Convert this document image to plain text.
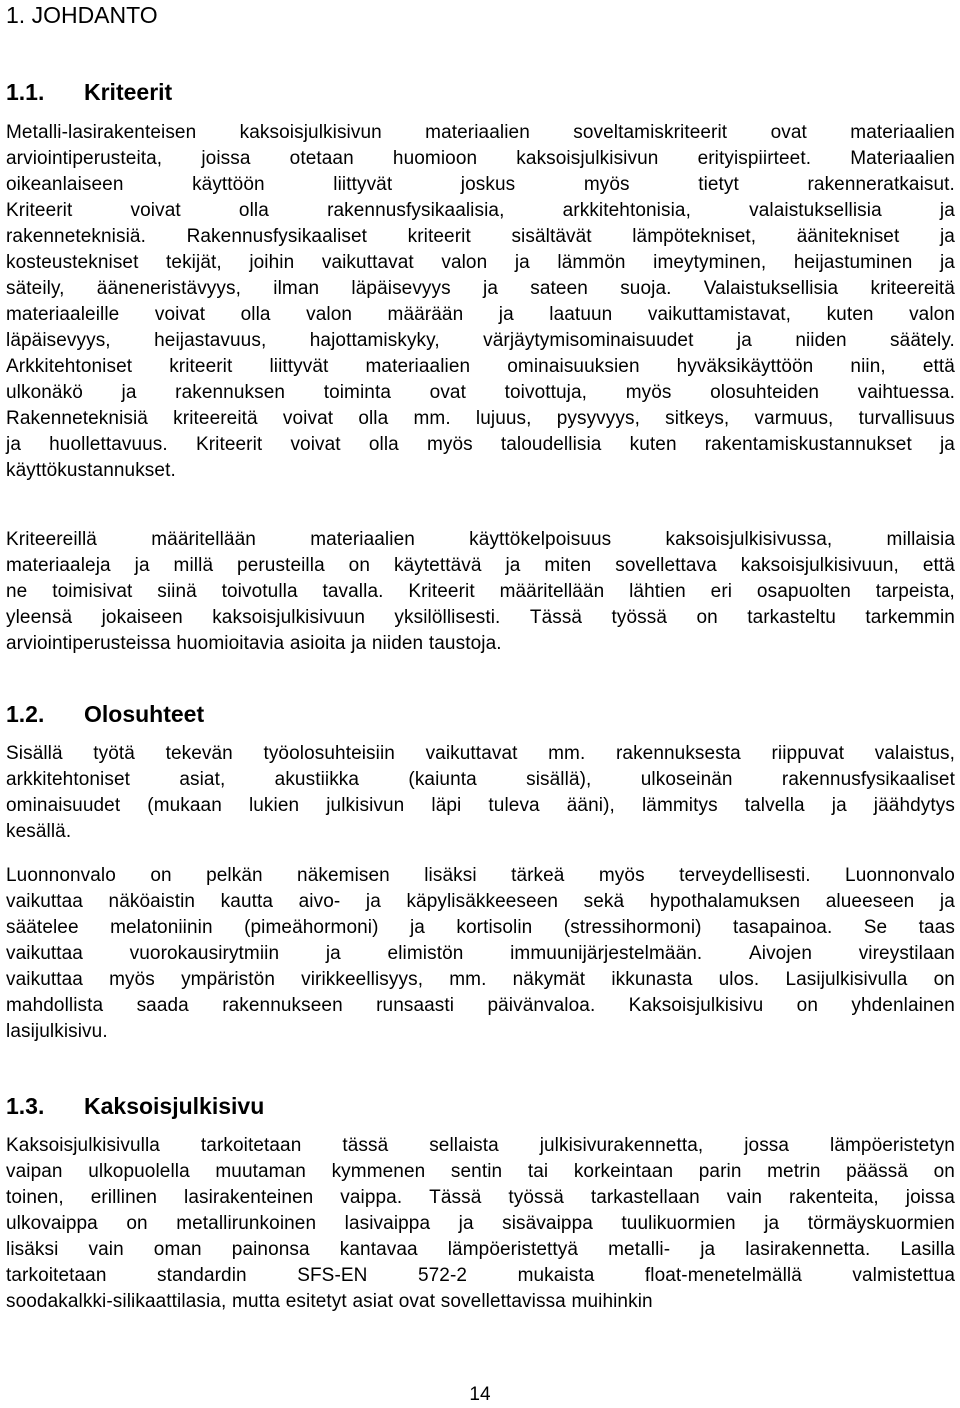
1. JOHDANTO
1.1. Kriteerit
Metalli-lasirakenteisen kaksoisjulkisivun materiaalien soveltamiskriteerit ovat materiaalien
arviointiperusteita, joissa otetaan huomioon kaksoisjulkisivun erityispiirteet. Materiaalien
oikeanlaiseen	käyttöön	liittyvät	joskus	myös	tietyt	rakenneratkaisut.
Kriteerit	voivat	olla	rakennusfysikaalisia,	arkkitehtonisia,	valaistuksellisia	ja
rakenneteknisiä. Rakennusfysikaaliset kriteerit sisältävät lämpötekniset, äänitekniset ja
kosteustekniset tekijät, joihin vaikuttavat valon ja lämmön imeytyminen, heijastuminen ja
säteily, ääneneristävyys, ilman läpäisevyys ja sateen suoja. Valaistuksellisia kriteereitä
materiaaleille voivat olla valon määrään ja laatuun vaikuttamistavat, kuten valon
läpäisevyys, heijastavuus, hajottamiskyky, värjäytymisominaisuudet ja niiden säätely.
Arkkitehtoniset kriteerit liittyvät materiaalien ominaisuuksien hyväksikäyttöön niin, että
ulkonäkö ja rakennuksen toiminta ovat toivottuja, myös olosuhteiden vaihtuessa.
Rakenneteknisiä kriteereitä voivat olla mm. lujuus, pysyvyys, sitkeys, varmuus, turvallisuus
ja huollettavuus. Kriteerit voivat olla myös taloudellisia kuten rakentamiskustannukset ja
käyttökustannukset.
Kriteereillä	määritellään	materiaalien	käyttökelpoisuus	kaksoisjulkisivussa,	millaisia
materiaaleja ja millä perusteilla on käytettävä ja miten sovellettava kaksoisjulkisivuun, että
ne toimisivat siinä toivotulla tavalla. Kriteerit määritellään lähtien eri osapuolten tarpeista,
yleensä jokaiseen kaksoisjulkisivuun yksilöllisesti. Tässä työssä on tarkasteltu tarkemmin
arviointiperusteissa huomioitavia asioita ja niiden taustoja.
1.2. Olosuhteet
Sisällä työtä tekevän työolosuhteisiin vaikuttavat mm. rakennuksesta riippuvat valaistus,
arkkitehtoniset	asiat,	akustiikka	(kaiunta	sisällä),	ulkoseinän	rakennusfysikaaliset
ominaisuudet (mukaan lukien julkisivun läpi tuleva ääni), lämmitys talvella ja jäähdytys
kesällä.
Luonnonvalo on pelkän näkemisen lisäksi tärkeä myös terveydellisesti. Luonnonvalo
vaikuttaa näköaistin kautta aivo- ja käpylisäkkeeseen sekä hypothalamuksen alueeseen ja
säätelee melatoniinin (pimeähormoni) ja kortisolin (stressihormoni) tasapainoa. Se taas
vaikuttaa vuorokausirytmiin ja elimistön immuunijärjestelmään. Aivojen vireystilaan
vaikuttaa myös ympäristön virikkeellisyys, mm. näkymät ikkunasta ulos. Lasijulkisivulla on
mahdollista saada rakennukseen runsaasti päivänvaloa. Kaksoisjulkisivu on yhdenlainen
lasijulkisivu.
1.3. Kaksoisjulkisivu
Kaksoisjulkisivulla tarkoitetaan tässä sellaista julkisivurakennetta, jossa lämpöeristetyn
vaipan ulkopuolella muutaman kymmenen sentin tai korkeintaan parin metrin päässä on
toinen, erillinen lasirakenteinen vaippa. Tässä työssä tarkastellaan vain rakenteita, joissa
ulkovaippa on metallirunkoinen lasivaippa ja sisävaippa tuulikuormien ja törmäyskuormien
lisäksi vain oman painonsa kantavaa lämpöeristettyä metalli- ja lasirakennetta. Lasilla
tarkoitetaan	standardin	SFS-EN	572-2	mukaista	float-menetelmällä	valmistettua
soodakalkki-silikaattilasia, mutta esitetyt asiat ovat sovellettavissa muihinkin
14
